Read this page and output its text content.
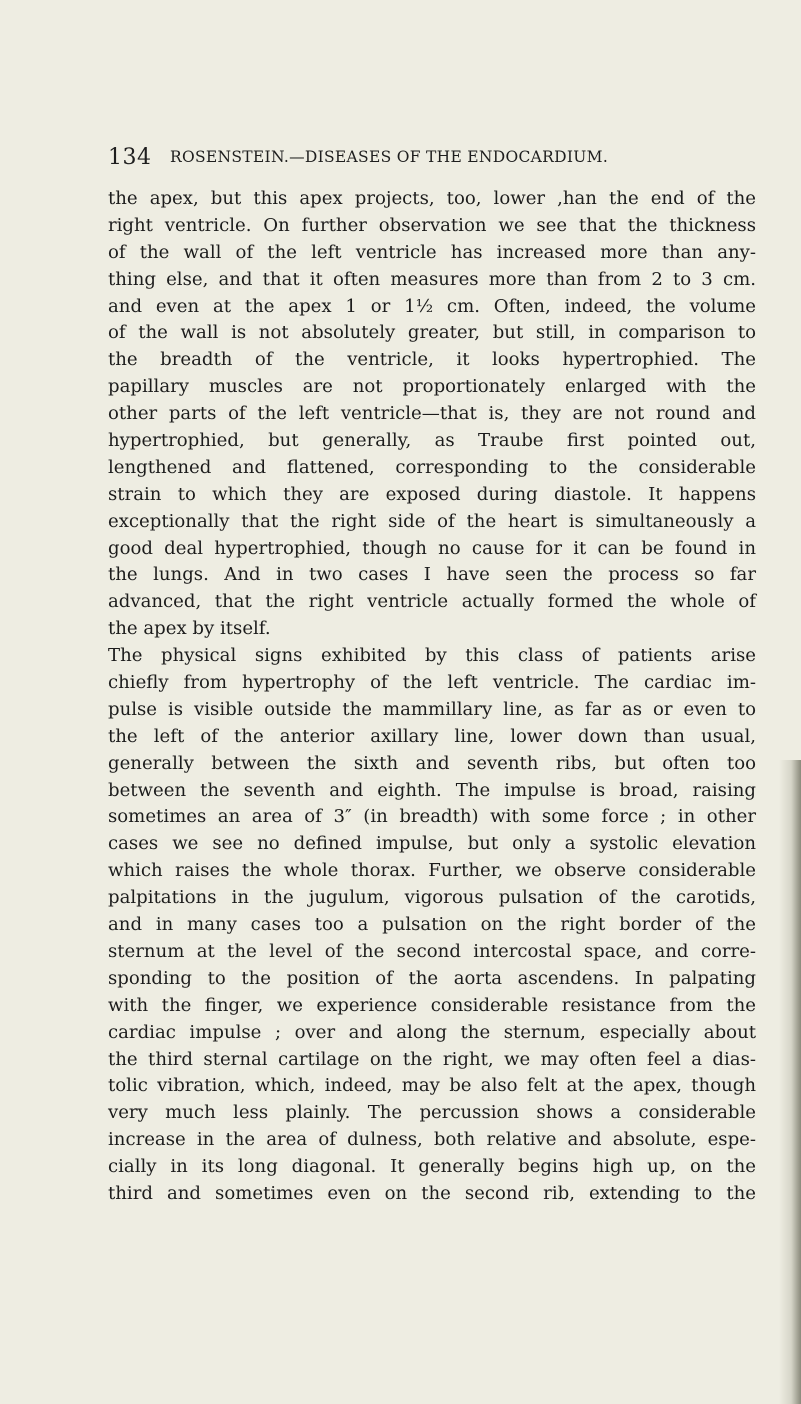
134 ROSENSTEIN.—DISEASES OF THE ENDOCARDIUM.
the apex, but this apex projects, too, lower ,han the end of the
right ventricle. On further observation we see that the thickness
of the wall of the left ventricle has increased more than any-
thing else, and that it often measures more than from 2 to 3 cm.
and even at the apex 1 or 1½ cm. Often, indeed, the volume
of the wall is not absolutely greater, but still, in comparison to
the breadth of the ventricle, it looks hypertrophied. The
papillary muscles are not proportionately enlarged with the
other parts of the left ventricle—that is, they are not round and
hypertrophied, but generally, as Traube first pointed out,
lengthened and flattened, corresponding to the considerable
strain to which they are exposed during diastole. It happens
exceptionally that the right side of the heart is simultaneously a
good deal hypertrophied, though no cause for it can be found in
the lungs. And in two cases I have seen the process so far
advanced, that the right ventricle actually formed the whole of
the apex by itself.
The physical signs exhibited by this class of patients arise
chiefly from hypertrophy of the left ventricle. The cardiac im-
pulse is visible outside the mammillary line, as far as or even to
the left of the anterior axillary line, lower down than usual,
generally between the sixth and seventh ribs, but often too
between the seventh and eighth. The impulse is broad, raising
sometimes an area of 3″ (in breadth) with some force ; in other
cases we see no defined impulse, but only a systolic elevation
which raises the whole thorax. Further, we observe considerable
palpitations in the jugulum, vigorous pulsation of the carotids,
and in many cases too a pulsation on the right border of the
sternum at the level of the second intercostal space, and corre-
sponding to the position of the aorta ascendens. In palpating
with the finger, we experience considerable resistance from the
cardiac impulse ; over and along the sternum, especially about
the third sternal cartilage on the right, we may often feel a dias-
tolic vibration, which, indeed, may be also felt at the apex, though
very much less plainly. The percussion shows a considerable
increase in the area of dulness, both relative and absolute, espe-
cially in its long diagonal. It generally begins high up, on the
third and sometimes even on the second rib, extending to the
